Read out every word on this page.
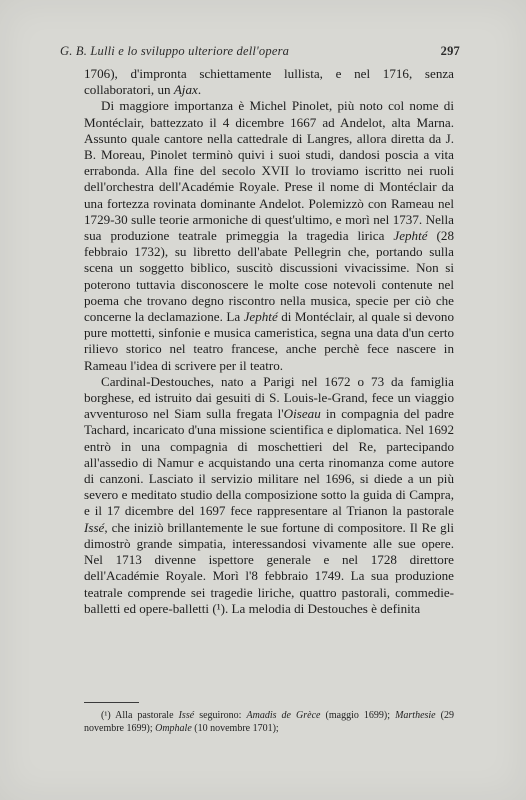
G. B. Lulli e lo sviluppo ulteriore dell'opera	297

1706), d'impronta schiettamente lullista, e nel 1716, senza collaboratori, un Ajax.

Di maggiore importanza è Michel Pinolet, più noto col nome di Montéclair, battezzato il 4 dicembre 1667 ad Andelot, alta Marna. Assunto quale cantore nella cattedrale di Langres, allora diretta da J. B. Moreau, Pinolet terminò quivi i suoi studi, dandosi poscia a vita errabonda. Alla fine del secolo XVII lo troviamo iscritto nei ruoli dell'orchestra dell'Académie Royale. Prese il nome di Montéclair da una fortezza rovinata dominante Andelot. Polemizzò con Rameau nel 1729-30 sulle teorie armoniche di quest'ultimo, e morì nel 1737. Nella sua produzione teatrale primeggia la tragedia lirica Jephté (28 febbraio 1732), su libretto dell'abate Pellegrin che, portando sulla scena un soggetto biblico, suscitò discussioni vivacissime. Non si poterono tuttavia disconoscere le molte cose notevoli contenute nel poema che trovano degno riscontro nella musica, specie per ciò che concerne la declamazione. La Jephté di Montéclair, al quale si devono pure mottetti, sinfonie e musica cameristica, segna una data d'un certo rilievo storico nel teatro francese, anche perchè fece nascere in Rameau l'idea di scrivere per il teatro.

Cardinal-Destouches, nato a Parigi nel 1672 o 73 da famiglia borghese, ed istruito dai gesuiti di S. Louis-le-Grand, fece un viaggio avventuroso nel Siam sulla fregata l'Oiseau in compagnia del padre Tachard, incaricato d'una missione scientifica e diplomatica. Nel 1692 entrò in una compagnia di moschettieri del Re, partecipando all'assedio di Namur e acquistando una certa rinomanza come autore di canzoni. Lasciato il servizio militare nel 1696, si diede a un più severo e meditato studio della composizione sotto la guida di Campra, e il 17 dicembre del 1697 fece rappresentare al Trianon la pastorale Issé, che iniziò brillantemente le sue fortune di compositore. Il Re gli dimostrò grande simpatia, interessandosi vivamente alle sue opere. Nel 1713 divenne ispettore generale e nel 1728 direttore dell'Académie Royale. Morì l'8 febbraio 1749. La sua produzione teatrale comprende sei tragedie liriche, quattro pastorali, commedie-balletti ed opere-balletti (¹). La melodia di Destouches è definita

(¹) Alla pastorale Issé seguirono: Amadis de Grèce (maggio 1699); Marthesie (29 novembre 1699); Omphale (10 novembre 1701);
